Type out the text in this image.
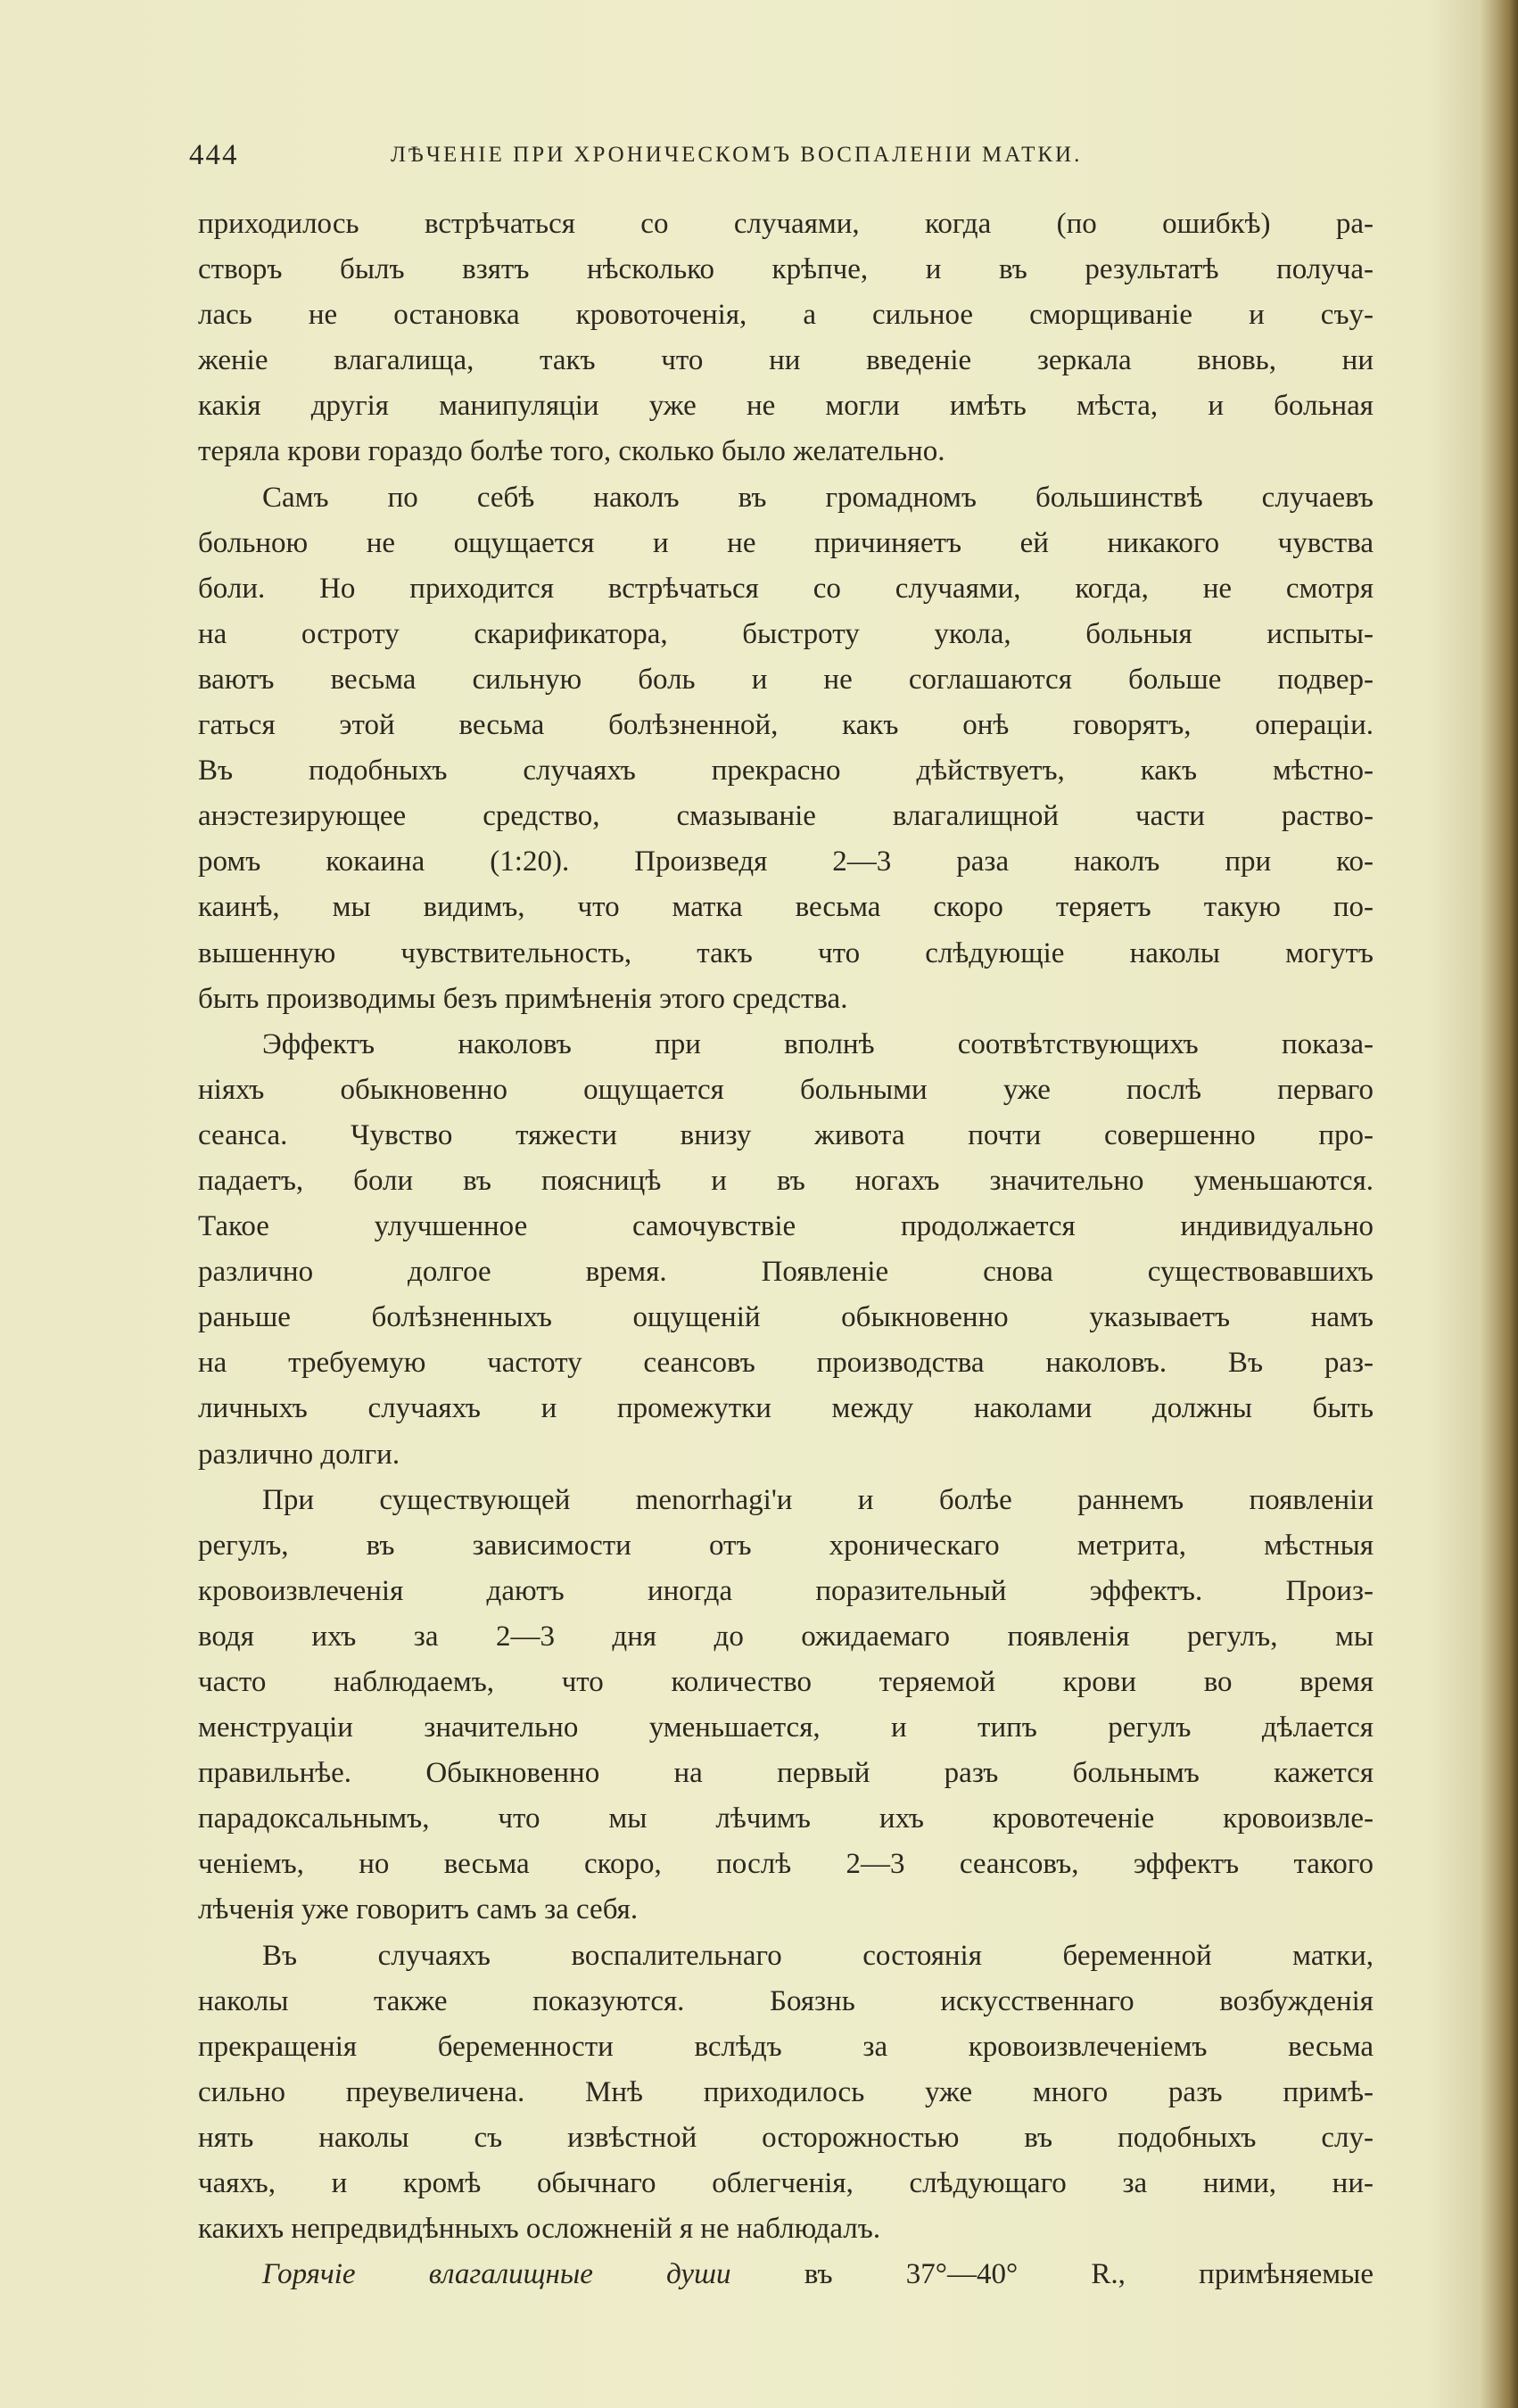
444	ЛѢЧЕНІЕ ПРИ ХРОНИЧЕСКОМЪ ВОСПАЛЕНІИ МАТКИ.
приходилось встрѣчаться со случаями, когда (по ошибкѣ) ра-
створъ былъ взятъ нѣсколько крѣпче, и въ результатѣ получа-
лась не остановка кровоточенія, а сильное сморщиваніе и съу-
женіе влагалища, такъ что ни введеніе зеркала вновь, ни
какія другія манипуляціи уже не могли имѣть мѣста, и больная
теряла крови гораздо болѣе того, сколько было желательно.
Самъ по себѣ наколъ въ громадномъ большинствѣ случаевъ
больною не ощущается и не причиняетъ ей никакого чувства
боли. Но приходится встрѣчаться со случаями, когда, не смотря
на остроту скарификатора, быстроту укола, больныя испыты-
ваютъ весьма сильную боль и не соглашаются больше подвер-
гаться этой весьма болѣзненной, какъ онѣ говорятъ, операціи.
Въ подобныхъ случаяхъ прекрасно дѣйствуетъ, какъ мѣстно-
анэстезирующее средство, смазываніе влагалищной части раство-
ромъ кокаина (1:20). Произведя 2—3 раза наколъ при ко-
каинѣ, мы видимъ, что матка весьма скоро теряетъ такую по-
вышенную чувствительность, такъ что слѣдующіе наколы могутъ
быть производимы безъ примѣненія этого средства.
Эффектъ наколовъ при вполнѣ соотвѣтствующихъ показа-
ніяхъ обыкновенно ощущается больными уже послѣ перваго
сеанса. Чувство тяжести внизу живота почти совершенно про-
падаетъ, боли въ поясницѣ и въ ногахъ значительно уменьшаются.
Такое улучшенное самочувствіе продолжается индивидуально
различно долгое время. Появленіе снова существовавшихъ
раньше болѣзненныхъ ощущеній обыкновенно указываетъ намъ
на требуемую частоту сеансовъ производства наколовъ. Въ раз-
личныхъ случаяхъ и промежутки между наколами должны быть
различно долги.
При существующей menorrhagi'и и болѣе раннемъ появленіи
регулъ, въ зависимости отъ хроническаго метрита, мѣстныя
кровоизвлеченія даютъ иногда поразительный эффектъ. Произ-
водя ихъ за 2—3 дня до ожидаемаго появленія регулъ, мы
часто наблюдаемъ, что количество теряемой крови во время
менструаціи значительно уменьшается, и типъ регулъ дѣлается
правильнѣе. Обыкновенно на первый разъ больнымъ кажется
парадоксальнымъ, что мы лѣчимъ ихъ кровотеченіе кровоизвле-
ченіемъ, но весьма скоро, послѣ 2—3 сеансовъ, эффектъ такого
лѣченія уже говоритъ самъ за себя.
Въ случаяхъ воспалительнаго состоянія беременной матки,
наколы также показуются. Боязнь искусственнаго возбужденія
прекращенія беременности вслѣдъ за кровоизвлеченіемъ весьма
сильно преувеличена. Мнѣ приходилось уже много разъ примѣ-
нять наколы съ извѣстной осторожностью въ подобныхъ слу-
чаяхъ, и кромѣ обычнаго облегченія, слѣдующаго за ними, ни-
какихъ непредвидѣнныхъ осложненій я не наблюдалъ.
Горячіе влагалищные души въ 37°—40° R., примѣняемые
